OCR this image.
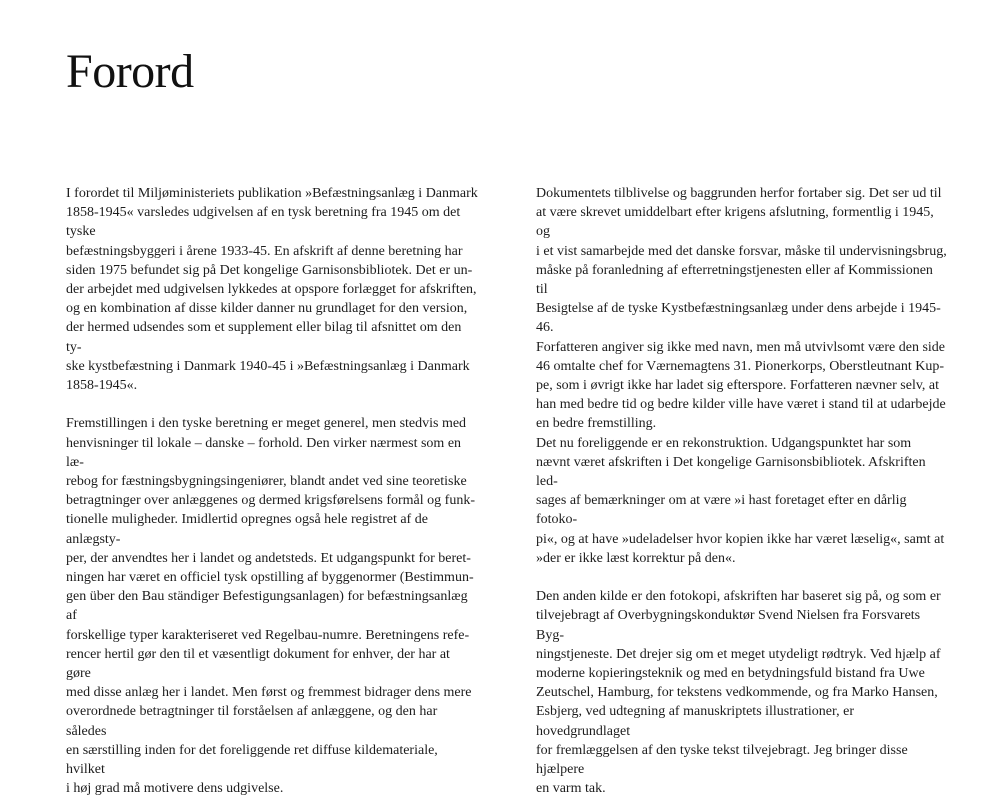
Forord

I forordet til Miljøministeriets publikation »Befæstningsanlæg i Danmark
1858-1945« varsledes udgivelsen af en tysk beretning fra 1945 om det tyske
befæstningsbyggeri i årene 1933-45. En afskrift af denne beretning har
siden 1975 befundet sig på Det kongelige Garnisonsbibliotek. Det er un-
der arbejdet med udgivelsen lykkedes at opspore forlægget for afskriften,
og en kombination af disse kilder danner nu grundlaget for den version,
der hermed udsendes som et supplement eller bilag til afsnittet om den ty-
ske kystbefæstning i Danmark 1940-45 i »Befæstningsanlæg i Danmark
1858-1945«.

Fremstillingen i den tyske beretning er meget generel, men stedvis med
henvisninger til lokale – danske – forhold. Den virker nærmest som en læ-
rebog for fæstningsbygningsingeniører, blandt andet ved sine teoretiske
betragtninger over anlæggenes og dermed krigsførelsens formål og funk-
tionelle muligheder. Imidlertid opregnes også hele registret af de anlægsty-
per, der anvendtes her i landet og andetsteds. Et udgangspunkt for beret-
ningen har været en officiel tysk opstilling af byggenormer (Bestimmun-
gen über den Bau ständiger Befestigungsanlagen) for befæstningsanlæg af
forskellige typer karakteriseret ved Regelbau-numre. Beretningens refe-
rencer hertil gør den til et væsentligt dokument for enhver, der har at gøre
med disse anlæg her i landet. Men først og fremmest bidrager dens mere
overordnede betragtninger til forståelsen af anlæggene, og den har således
en særstilling inden for det foreliggende ret diffuse kildemateriale, hvilket
i høj grad må motivere dens udgivelse.

Dokumentets tilblivelse og baggrunden herfor fortaber sig. Det ser ud til
at være skrevet umiddelbart efter krigens afslutning, formentlig i 1945, og
i et vist samarbejde med det danske forsvar, måske til undervisningsbrug,
måske på foranledning af efterretningstjenesten eller af Kommissionen til
Besigtelse af de tyske Kystbefæstningsanlæg under dens arbejde i 1945-46.
Forfatteren angiver sig ikke med navn, men må utvivlsomt være den side
46 omtalte chef for Værnemagtens 31. Pionerkorps, Oberstleutnant Kup-
pe, som i øvrigt ikke har ladet sig efterspore. Forfatteren nævner selv, at
han med bedre tid og bedre kilder ville have været i stand til at udarbejde
en bedre fremstilling.

Det nu foreliggende er en rekonstruktion. Udgangspunktet har som
nævnt været afskriften i Det kongelige Garnisonsbibliotek. Afskriften led-
sages af bemærkninger om at være »i hast foretaget efter en dårlig fotoko-
pi«, og at have »udeladelser hvor kopien ikke har været læselig«, samt at
»der er ikke læst korrektur på den«.

Den anden kilde er den fotokopi, afskriften har baseret sig på, og som er
tilvejebragt af Overbygningskonduktør Svend Nielsen fra Forsvarets Byg-
ningstjeneste. Det drejer sig om et meget utydeligt rødtryk. Ved hjælp af
moderne kopieringsteknik og med en betydningsfuld bistand fra Uwe
Zeutschel, Hamburg, for tekstens vedkommende, og fra Marko Hansen,
Esbjerg, ved udtegning af manuskriptets illustrationer, er hovedgrundlaget
for fremlæggelsen af den tyske tekst tilvejebragt. Jeg bringer disse hjælpere
en varm tak.
